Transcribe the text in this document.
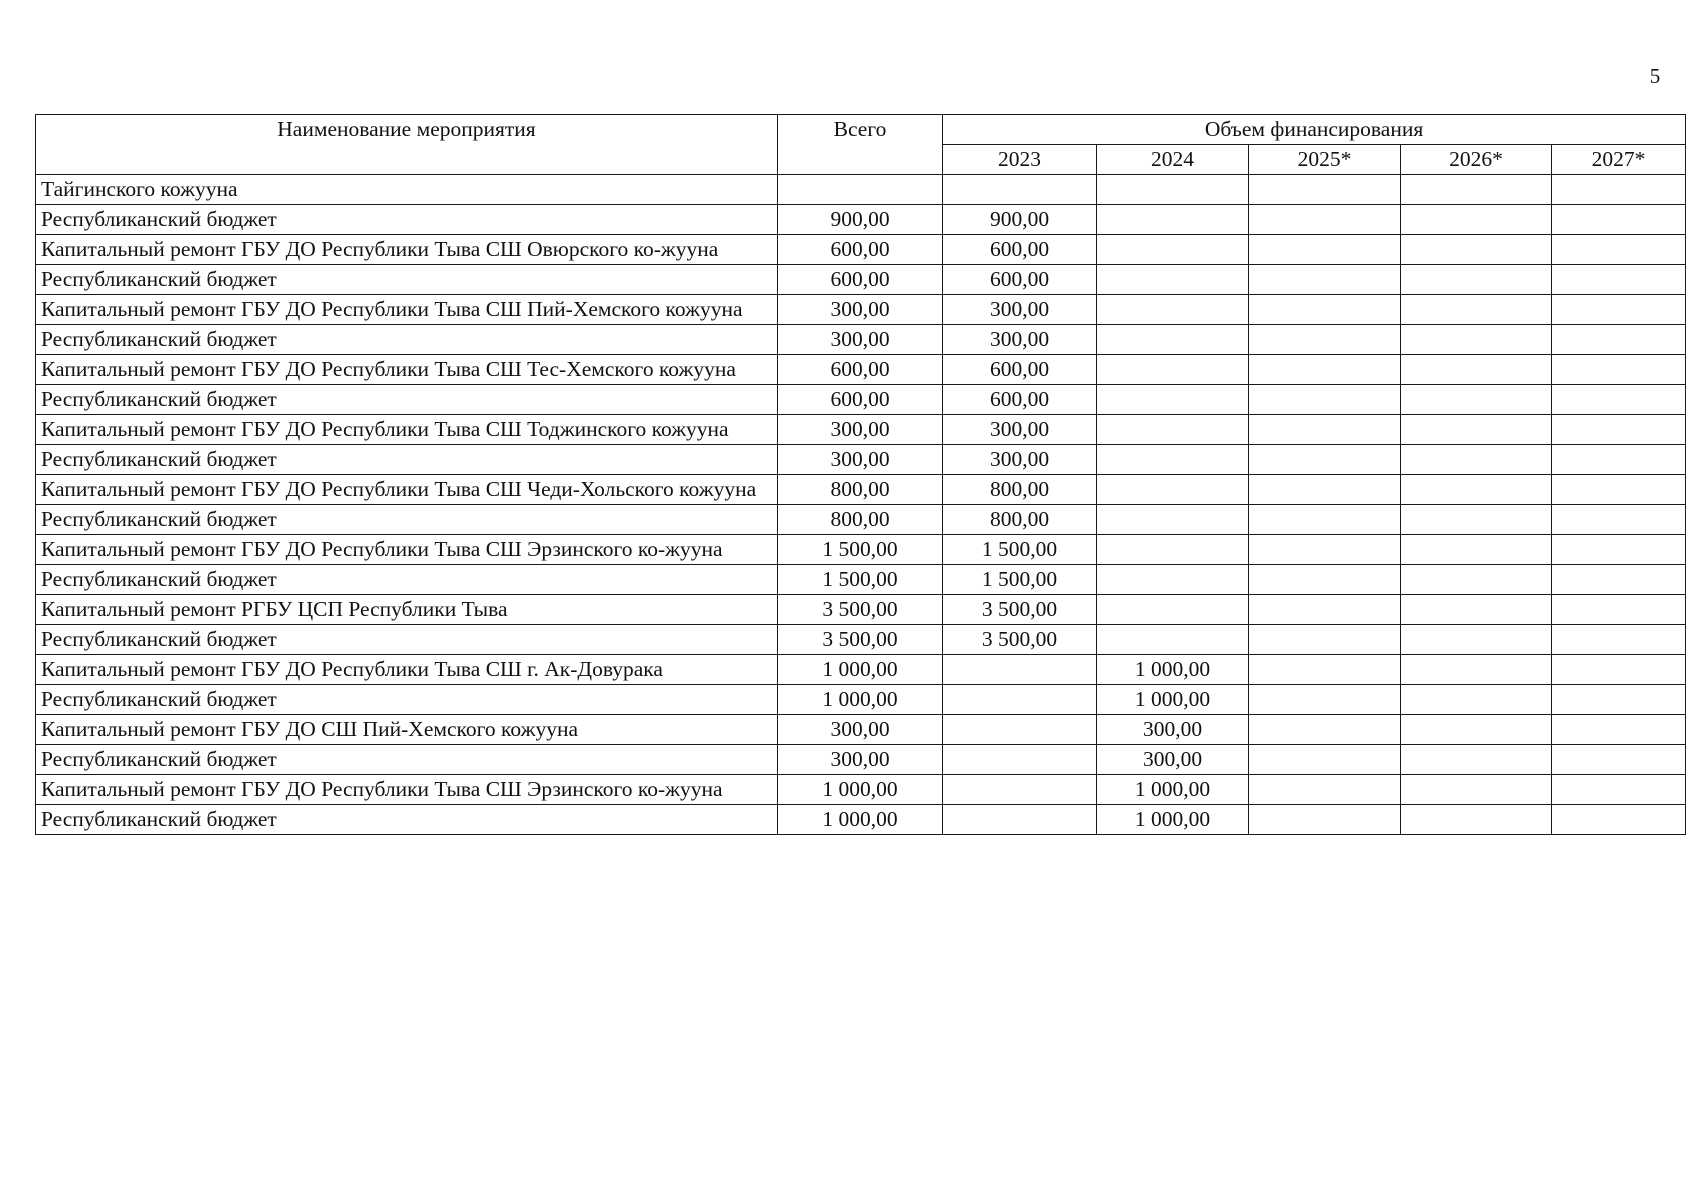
5
Наименование мероприятия	Всего	Объем финансирования				
		2023	2024	2025*	2026*	2027*
Тайгинского кожууна						
Республиканский бюджет	900,00	900,00				
Капитальный ремонт ГБУ ДО Республики Тыва СШ Овюрского ко-жууна	600,00	600,00				
Республиканский бюджет	600,00	600,00				
Капитальный ремонт ГБУ ДО Республики Тыва СШ Пий-Хемского кожууна	300,00	300,00				
Республиканский бюджет	300,00	300,00				
Капитальный ремонт ГБУ ДО Республики Тыва СШ Тес-Хемского кожууна	600,00	600,00				
Республиканский бюджет	600,00	600,00				
Капитальный ремонт ГБУ ДО Республики Тыва СШ Тоджинского кожууна	300,00	300,00				
Республиканский бюджет	300,00	300,00				
Капитальный ремонт ГБУ ДО Республики Тыва СШ Чеди-Хольского кожууна	800,00	800,00				
Республиканский бюджет	800,00	800,00				
Капитальный ремонт ГБУ ДО Республики Тыва СШ Эрзинского ко-жууна	1 500,00	1 500,00				
Республиканский бюджет	1 500,00	1 500,00				
Капитальный ремонт РГБУ ЦСП Республики Тыва	3 500,00	3 500,00				
Республиканский бюджет	3 500,00	3 500,00				
Капитальный ремонт ГБУ ДО Республики Тыва СШ г. Ак-Довурака	1 000,00		1 000,00			
Республиканский бюджет	1 000,00		1 000,00			
Капитальный ремонт ГБУ ДО СШ Пий-Хемского кожууна	300,00		300,00			
Республиканский бюджет	300,00		300,00			
Капитальный ремонт ГБУ ДО Республики Тыва СШ Эрзинского ко-жууна	1 000,00		1 000,00			
Республиканский бюджет	1 000,00		1 000,00			
